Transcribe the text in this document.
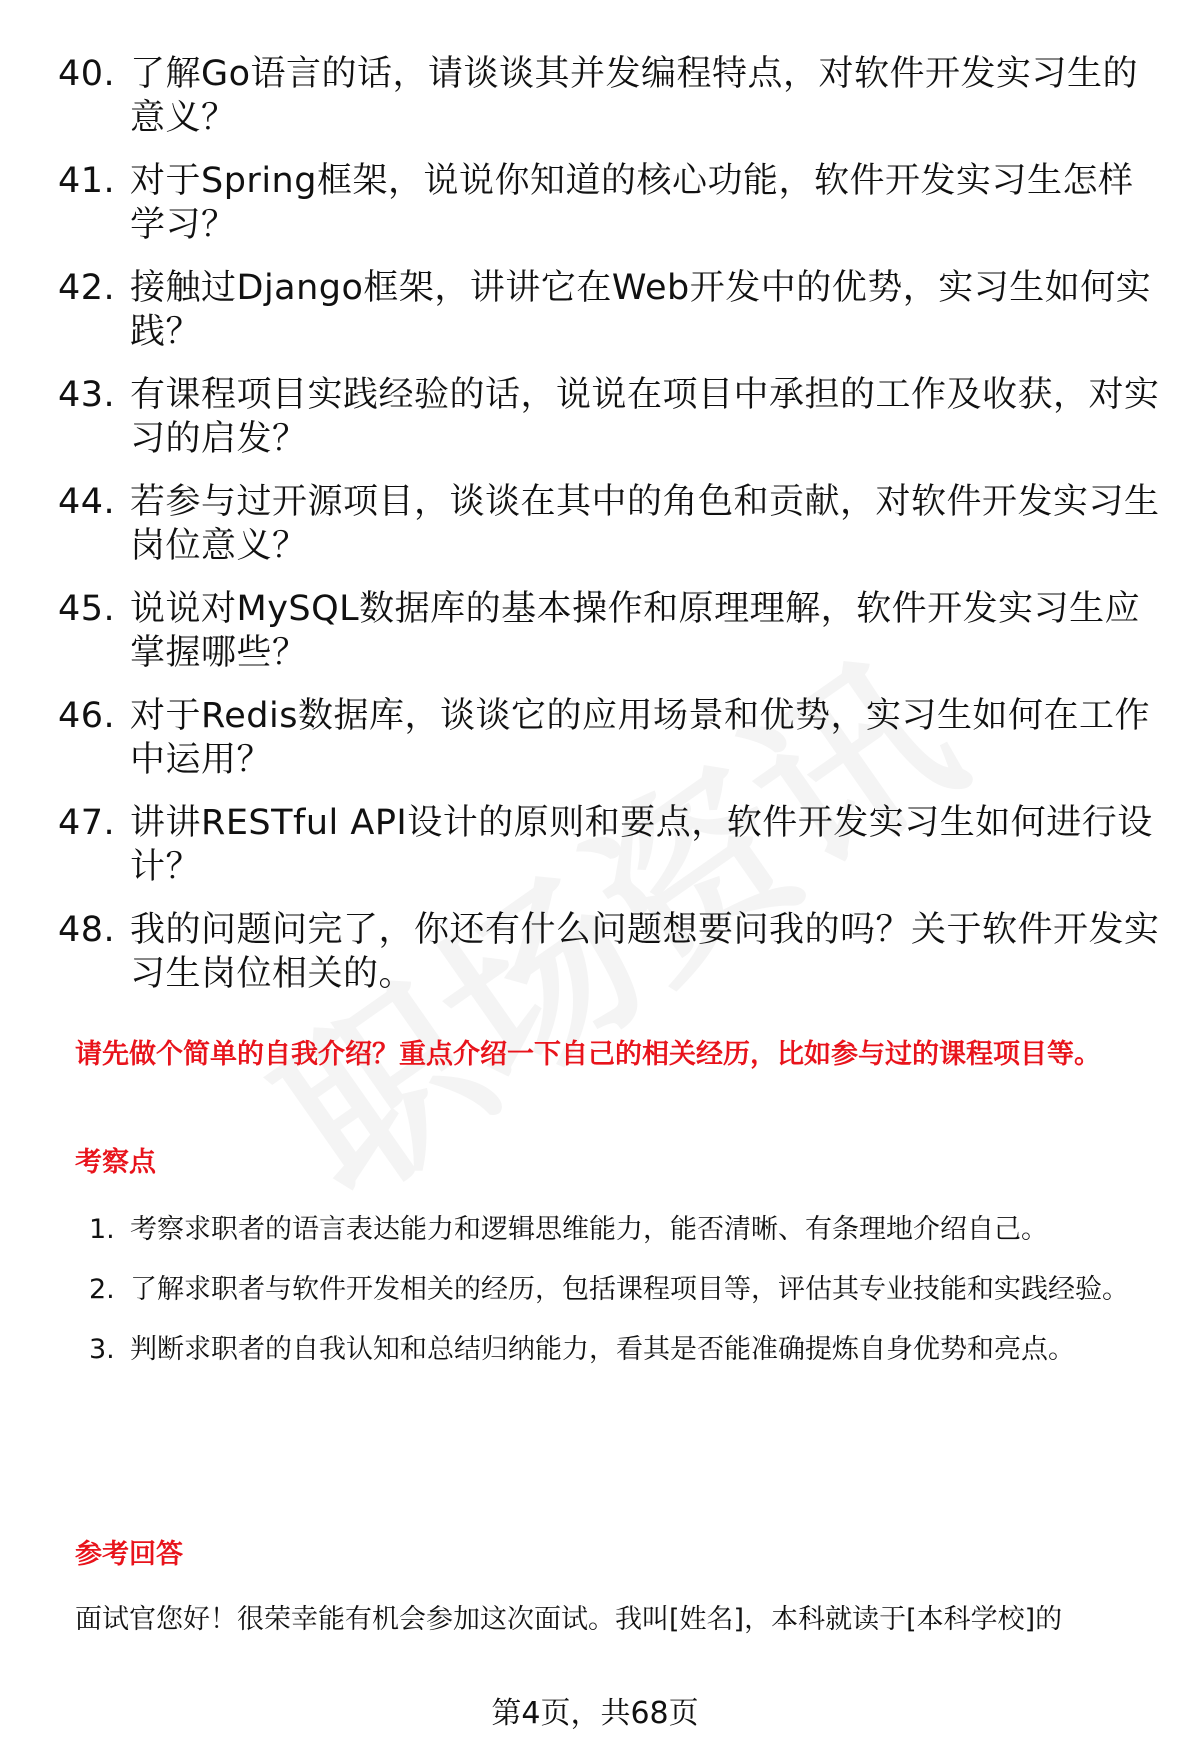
40. 了解Go语言的话，请谈谈其并发编程特点，对软件开发实习生的意义？
41. 对于Spring框架，说说你知道的核心功能，软件开发实习生怎样学习？
42. 接触过Django框架，讲讲它在Web开发中的优势，实习生如何实践？
43. 有课程项目实践经验的话，说说在项目中承担的工作及收获，对实习的启发？
44. 若参与过开源项目，谈谈在其中的角色和贡献，对软件开发实习生岗位意义？
45. 说说对MySQL数据库的基本操作和原理理解，软件开发实习生应掌握哪些？
46. 对于Redis数据库，谈谈它的应用场景和优势，实习生如何在工作中运用？
47. 讲讲RESTful API设计的原则和要点，软件开发实习生如何进行设计？
48. 我的问题问完了，你还有什么问题想要问我的吗？关于软件开发实习生岗位相关的。

请先做个简单的自我介绍？重点介绍一下自己的相关经历，比如参与过的课程项目等。

考察点
1. 考察求职者的语言表达能力和逻辑思维能力，能否清晰、有条理地介绍自己。
2. 了解求职者与软件开发相关的经历，包括课程项目等，评估其专业技能和实践经验。
3. 判断求职者的自我认知和总结归纳能力，看其是否能准确提炼自身优势和亮点。
参考回答

面试官您好！很荣幸能有机会参加这次面试。我叫[姓名]，本科就读于[本科学校]的

第4页，共68页
